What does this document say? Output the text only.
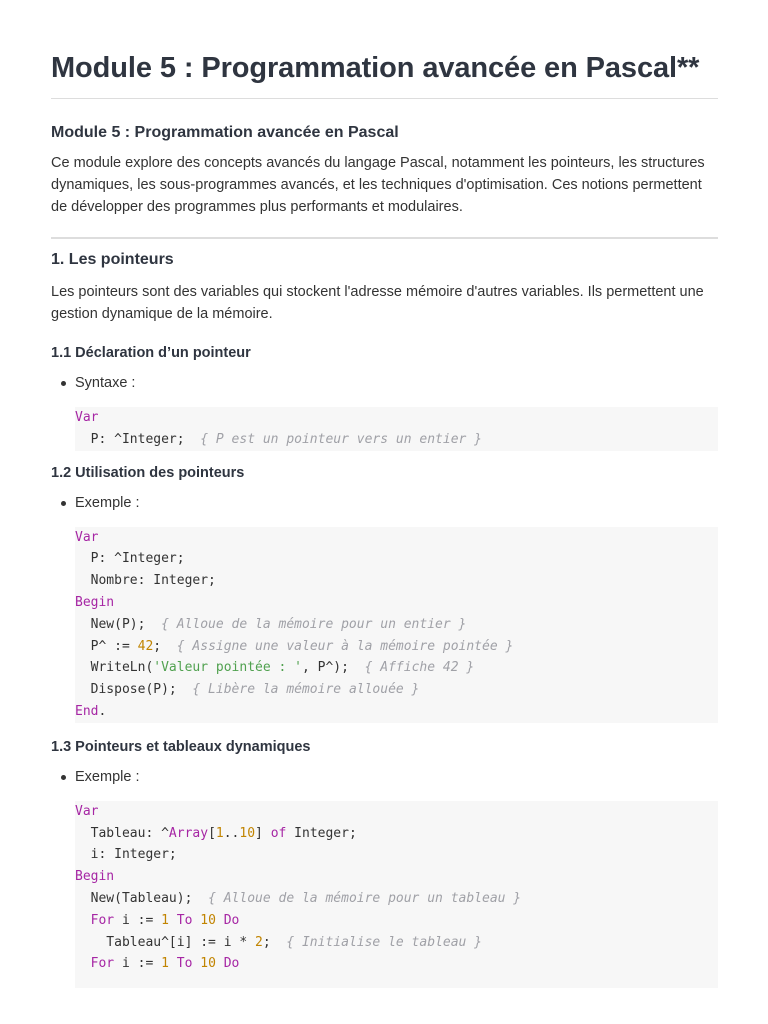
Module 5 : Programmation avancée en Pascal**
Module 5 : Programmation avancée en Pascal

Ce module explore des concepts avancés du langage Pascal, notamment les pointeurs, les structures dynamiques, les sous-programmes avancés, et les techniques d'optimisation. Ces notions permettent de développer des programmes plus performants et modulaires.

1. Les pointeurs

Les pointeurs sont des variables qui stockent l'adresse mémoire d'autres variables. Ils permettent une gestion dynamique de la mémoire.

1.1 Déclaration d’un pointeur
Syntaxe :
Var
P: ^Integer;  { P est un pointeur vers un entier }
1.2 Utilisation des pointeurs
Exemple :
Var
P: ^Integer;
Nombre: Integer;
Begin
New(P);  { Alloue de la mémoire pour un entier }
P^ := 42;  { Assigne une valeur à la mémoire pointée }
WriteLn('Valeur pointée : ', P^);  { Affiche 42 }
Dispose(P);  { Libère la mémoire allouée }
End.
1.3 Pointeurs et tableaux dynamiques
Exemple :
Var
Tableau: ^Array[1..10] of Integer;
i: Integer;
Begin
New(Tableau);  { Alloue de la mémoire pour un tableau }
For i := 1 To 10 Do
Tableau^[i] := i * 2;  { Initialise le tableau }
For i := 1 To 10 Do
